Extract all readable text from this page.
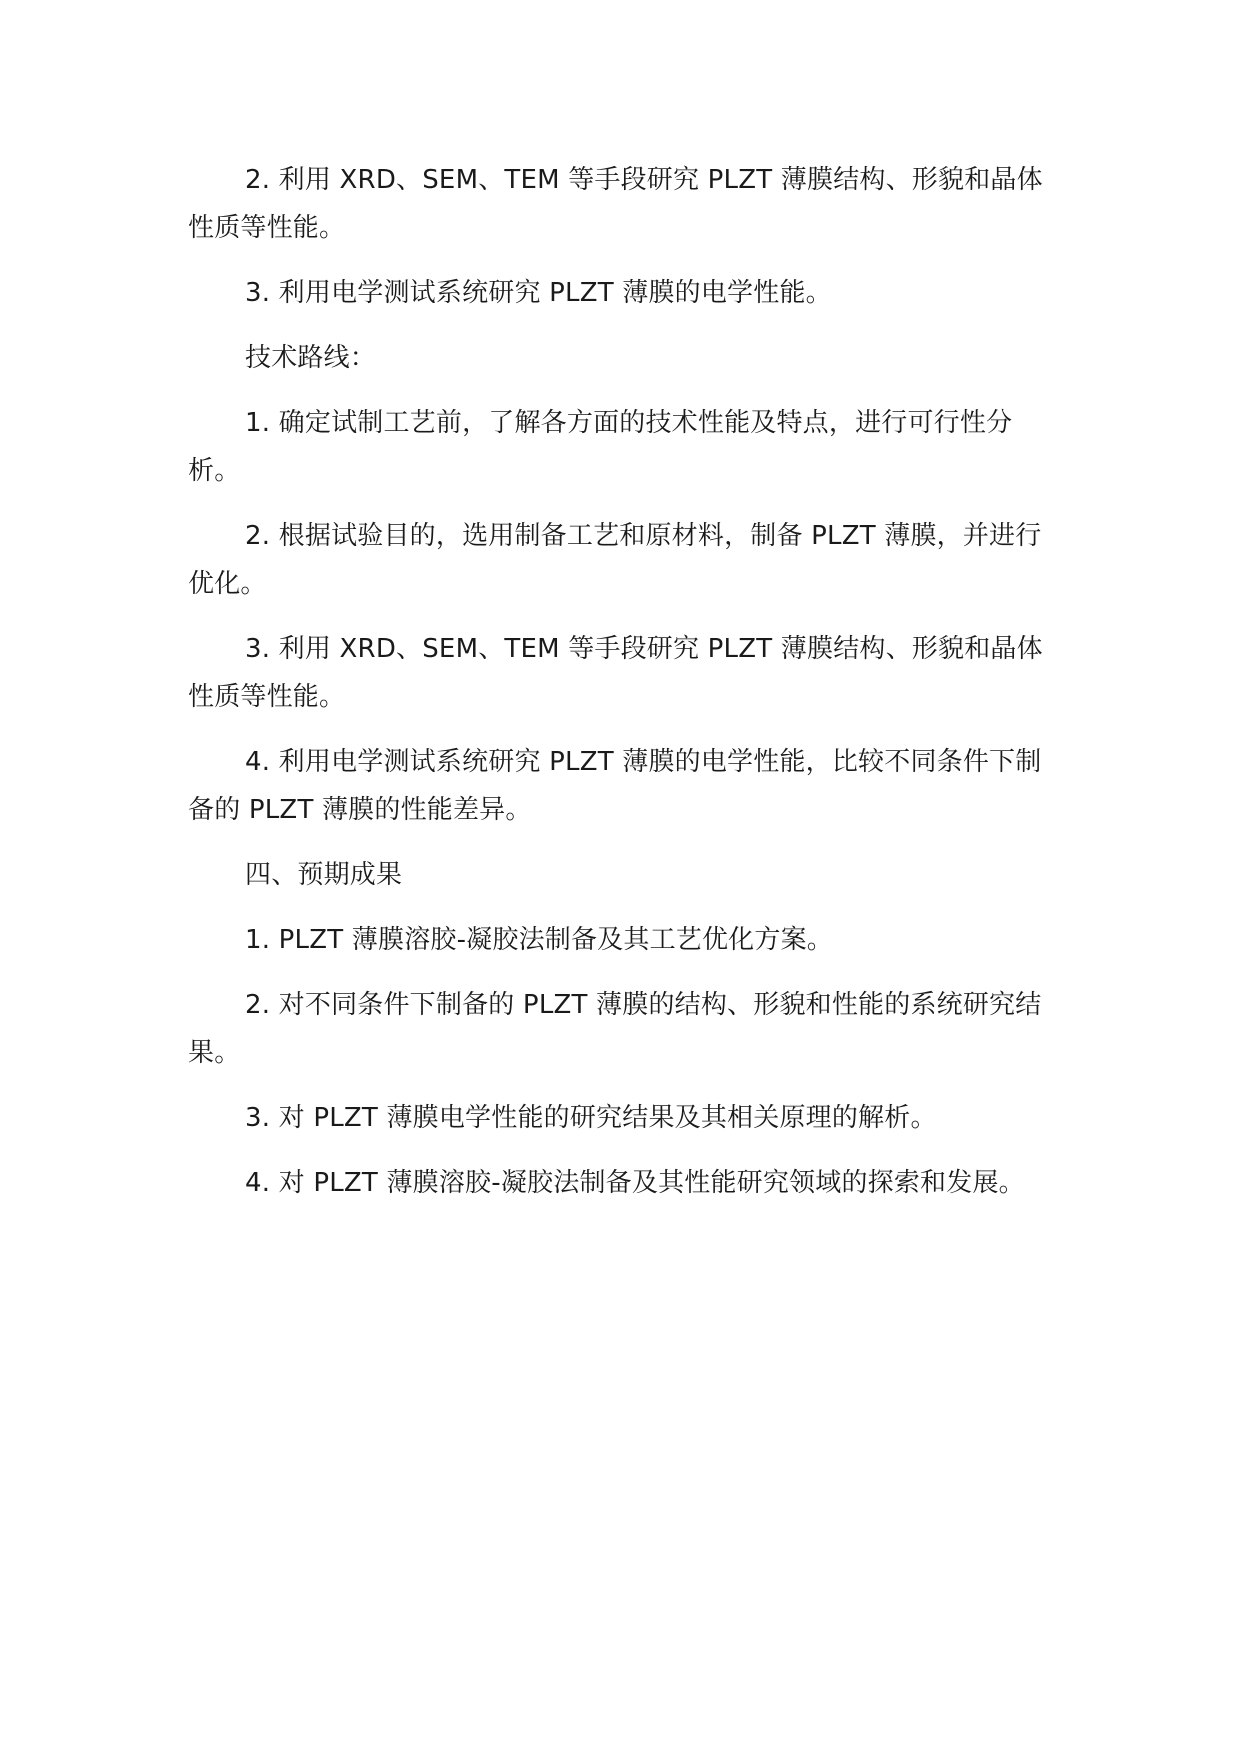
2. 利用 XRD、SEM、TEM 等手段研究 PLZT 薄膜结构、形貌和晶体性质等性能。

3. 利用电学测试系统研究 PLZT 薄膜的电学性能。

技术路线：

1. 确定试制工艺前，了解各方面的技术性能及特点，进行可行性分析。

2. 根据试验目的，选用制备工艺和原材料，制备 PLZT 薄膜，并进行优化。

3. 利用 XRD、SEM、TEM 等手段研究 PLZT 薄膜结构、形貌和晶体性质等性能。

4. 利用电学测试系统研究 PLZT 薄膜的电学性能，比较不同条件下制备的 PLZT 薄膜的性能差异。

四、预期成果

1. PLZT 薄膜溶胶-凝胶法制备及其工艺优化方案。

2. 对不同条件下制备的 PLZT 薄膜的结构、形貌和性能的系统研究结果。

3. 对 PLZT 薄膜电学性能的研究结果及其相关原理的解析。

4. 对 PLZT 薄膜溶胶-凝胶法制备及其性能研究领域的探索和发展。
